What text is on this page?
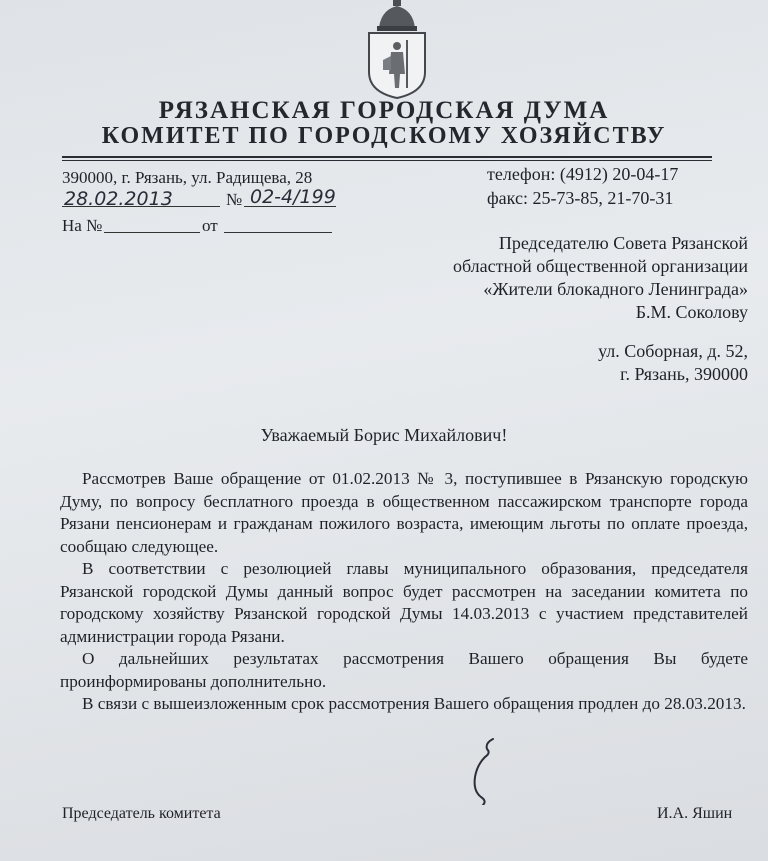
РЯЗАНСКАЯ ГОРОДСКАЯ ДУМА
КОМИТЕТ ПО ГОРОДСКОМУ ХОЗЯЙСТВУ
390000, г. Рязань, ул. Радищева, 28
28.02.2013	№ 02-4/199
На №	от
телефон: (4912) 20-04-17
факс: 25-73-85, 21-70-31
Председателю Совета Рязанской
областной общественной организации
«Жители блокадного Ленинграда»
Б.М. Соколову
ул. Соборная, д. 52,
г. Рязань, 390000
Уважаемый Борис Михайлович!

Рассмотрев Ваше обращение от 01.02.2013 № 3, поступившее в Рязанскую городскую Думу, по вопросу бесплатного проезда в общественном пассажирском транспорте города Рязани пенсионерам и гражданам пожилого возраста, имеющим льготы по оплате проезда, сообщаю следующее.

В соответствии с резолюцией главы муниципального образования, председателя Рязанской городской Думы данный вопрос будет рассмотрен на заседании комитета по городскому хозяйству Рязанской городской Думы 14.03.2013 с участием представителей администрации города Рязани.

О дальнейших результатах рассмотрения Вашего обращения Вы будете проинформированы дополнительно.

В связи с вышеизложенным срок рассмотрения Вашего обращения продлен до 28.03.2013.

Председатель комитета	И.А. Яшин
